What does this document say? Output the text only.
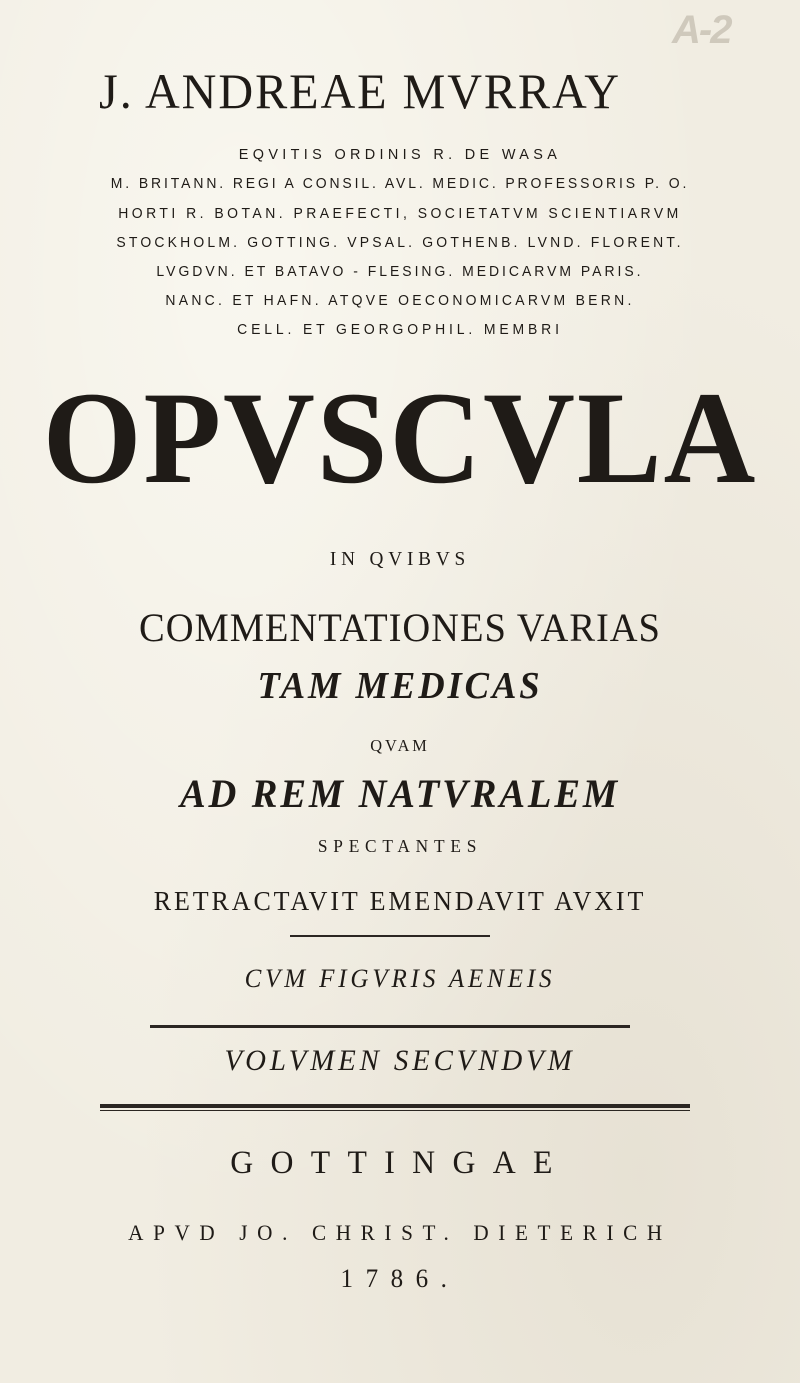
A-2
J. ANDREAE MVRRAY
EQVITIS ORDINIS R. DE WASA
M. BRITANN. REGI A CONSIL. AVL. MEDIC. PROFESSORIS P. O.
HORTI R. BOTAN. PRAEFECTI, SOCIETATVM SCIENTIARVM
STOCKHOLM. GOTTING. VPSAL. GOTHENB. LVND. FLORENT.
LVGDVN. ET BATAVO - FLESING. MEDICARVM PARIS.
NANC. ET HAFN. ATQVE OECONOMICARVM BERN.
CELL. ET GEORGOPHIL. MEMBRI
OPVSCVLA
IN QVIBVS
COMMENTATIONES VARIAS
TAM MEDICAS
QVAM
AD REM NATVRALEM
SPECTANTES
RETRACTAVIT EMENDAVIT AVXIT
CVM FIGVRIS AENEIS
VOLVMEN SECVNDVM
GOTTINGAE
APVD JO. CHRIST. DIETERICH
1786.
